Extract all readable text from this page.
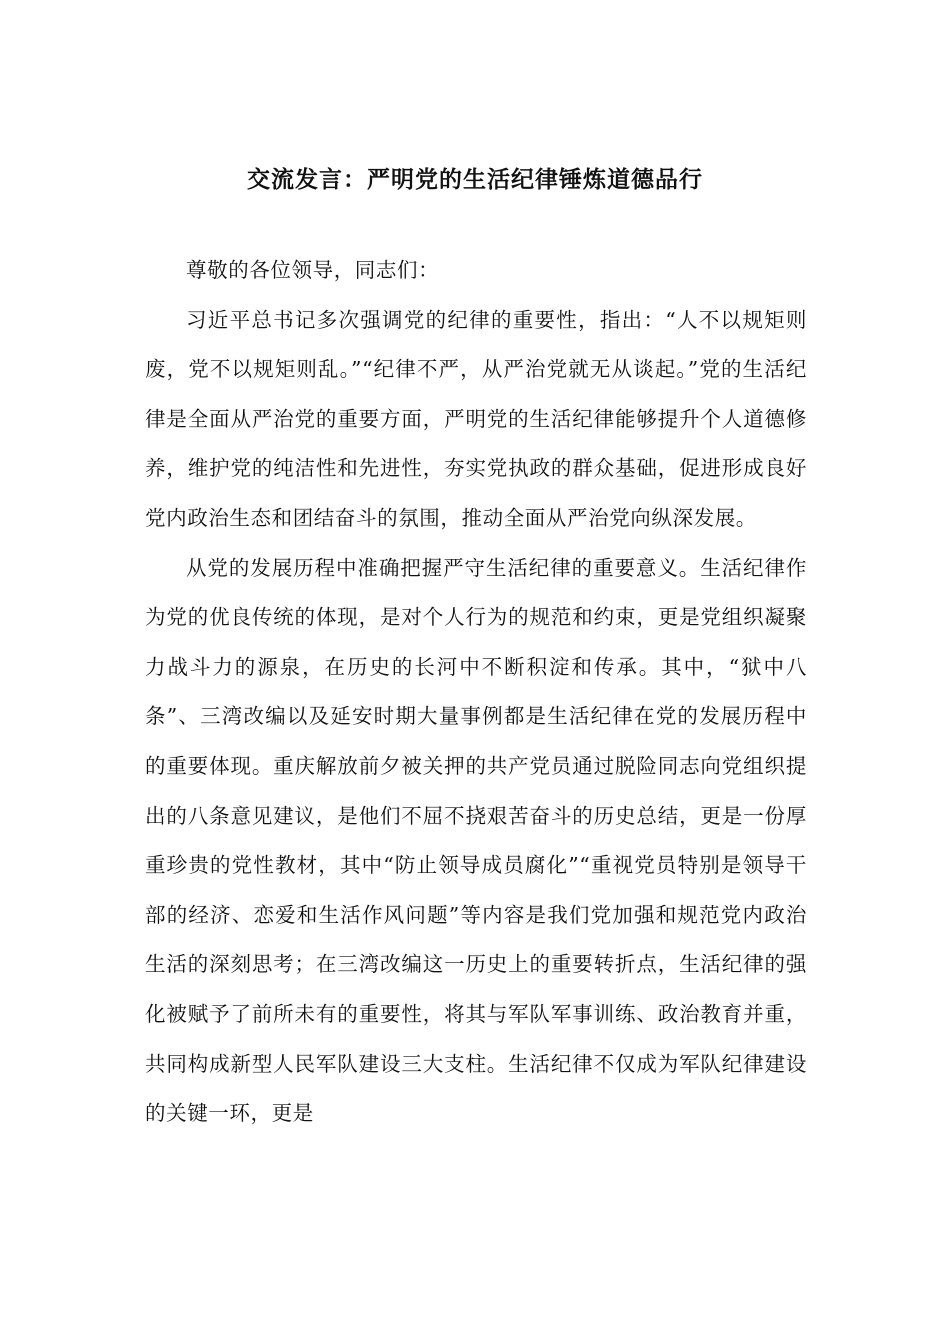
交流发言：严明党的生活纪律锤炼道德品行

尊敬的各位领导，同志们：

习近平总书记多次强调党的纪律的重要性，指出：“人不以规矩则废，党不以规矩则乱。”“纪律不严，从严治党就无从谈起。”党的生活纪律是全面从严治党的重要方面，严明党的生活纪律能够提升个人道德修养，维护党的纯洁性和先进性，夯实党执政的群众基础，促进形成良好党内政治生态和团结奋斗的氛围，推动全面从严治党向纵深发展。

从党的发展历程中准确把握严守生活纪律的重要意义。生活纪律作为党的优良传统的体现，是对个人行为的规范和约束，更是党组织凝聚力战斗力的源泉，在历史的长河中不断积淀和传承。其中，“狱中八条”、三湾改编以及延安时期大量事例都是生活纪律在党的发展历程中的重要体现。重庆解放前夕被关押的共产党员通过脱险同志向党组织提出的八条意见建议，是他们不屈不挠艰苦奋斗的历史总结，更是一份厚重珍贵的党性教材，其中“防止领导成员腐化”“重视党员特别是领导干部的经济、恋爱和生活作风问题”等内容是我们党加强和规范党内政治生活的深刻思考；在三湾改编这一历史上的重要转折点，生活纪律的强化被赋予了前所未有的重要性，将其与军队军事训练、政治教育并重，共同构成新型人民军队建设三大支柱。生活纪律不仅成为军队纪律建设的关键一环，更是
